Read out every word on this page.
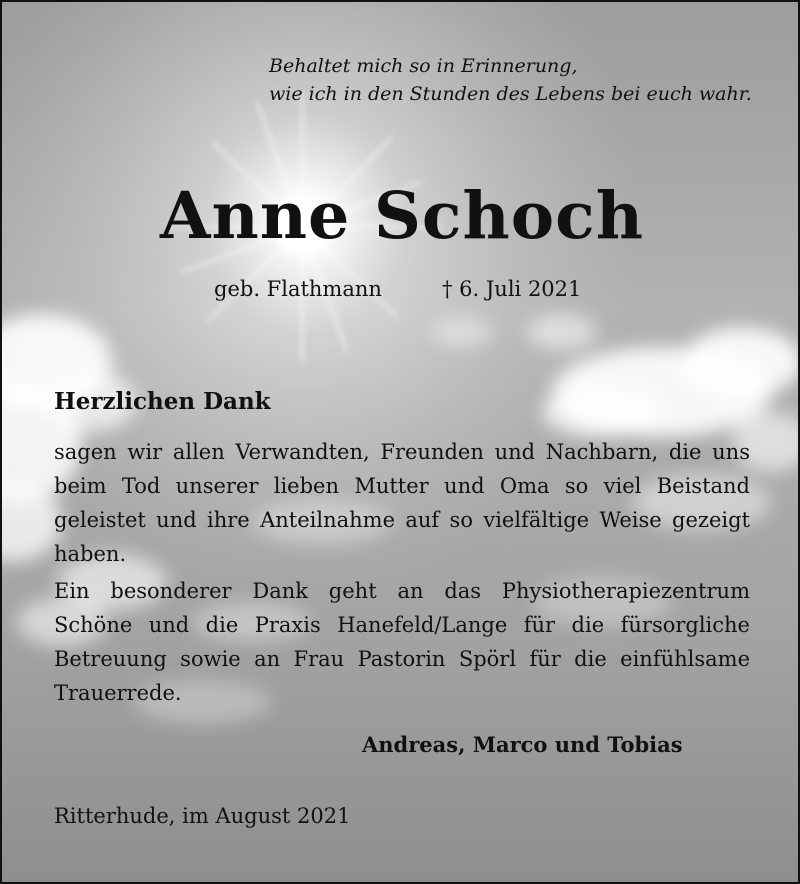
Behaltet mich so in Erinnerung,
wie ich in den Stunden des Lebens bei euch wahr.
Anne Schoch
geb. Flathmann	† 6. Juli 2021
Herzlichen Dank
sagen wir allen Verwandten, Freunden und Nachbarn, die uns beim Tod unserer lieben Mutter und Oma so viel Beistand geleistet und ihre Anteilnahme auf so vielfältige Weise gezeigt haben.
Ein besonderer Dank geht an das Physiotherapiezentrum Schöne und die Praxis Hanefeld/Lange für die fürsorgliche Betreuung sowie an Frau Pastorin Spörl für die einfühlsame Trauerrede.
Andreas, Marco und Tobias
Ritterhude, im August 2021
